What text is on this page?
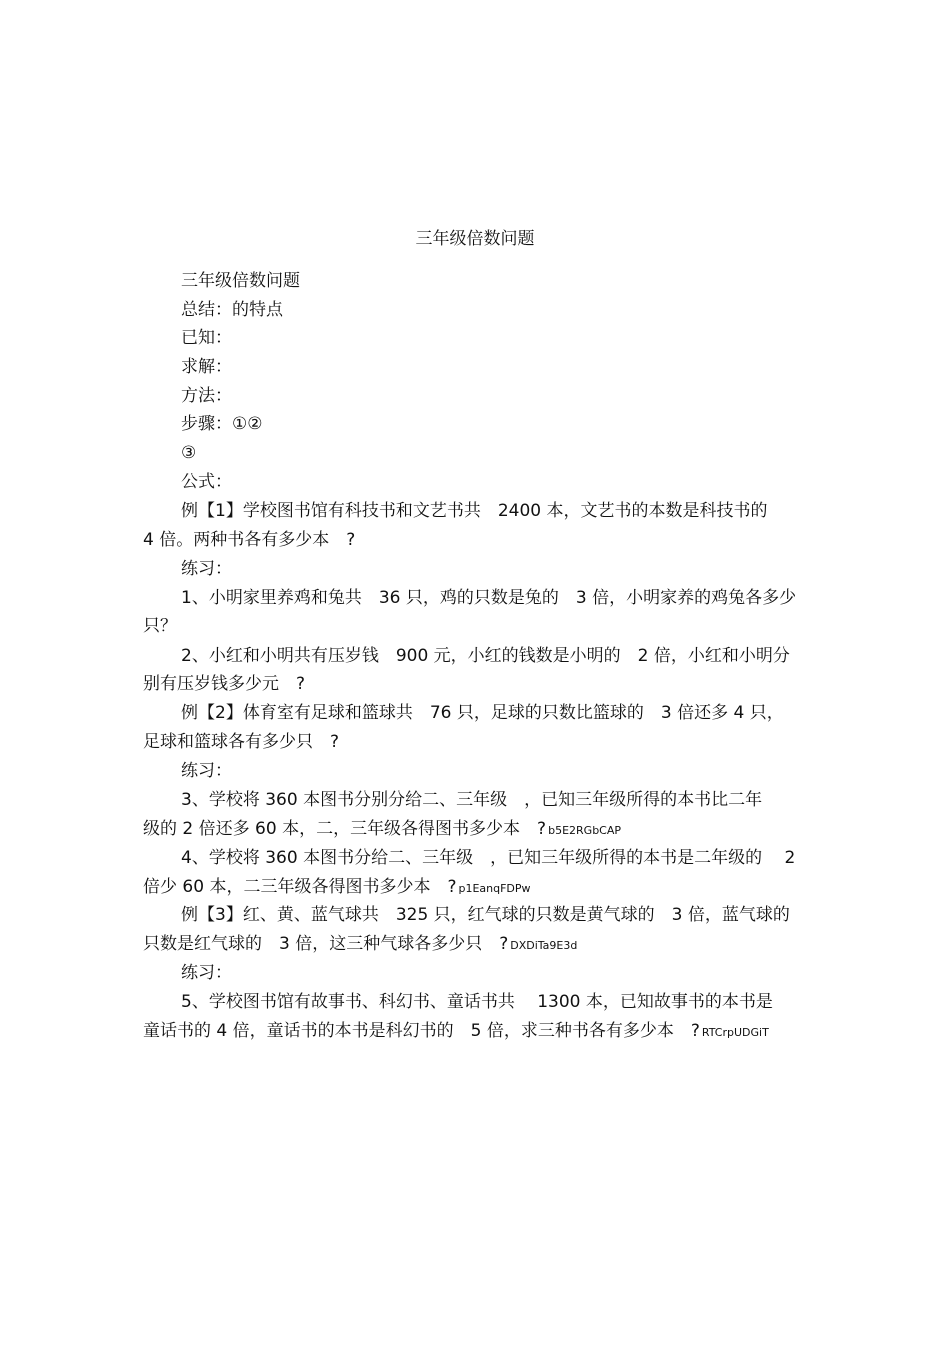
三年级倍数问题
三年级倍数问题
总结：的特点
已知：
求解：
方法：
步骤：①②
③
公式：
例【1】学校图书馆有科技书和文艺书共　2400 本，文艺书的本数是科技书的
4 倍。两种书各有多少本　?
练习：
1、小明家里养鸡和兔共　36 只，鸡的只数是兔的　3 倍，小明家养的鸡兔各多少
只？
2、小红和小明共有压岁钱　900 元，小红的钱数是小明的　2 倍，小红和小明分
别有压岁钱多少元　?
例【2】体育室有足球和篮球共　76 只，足球的只数比篮球的　3 倍还多 4 只，
足球和篮球各有多少只　?
练习：
3、学校将 360 本图书分别分给二、三年级　，已知三年级所得的本书比二年
级的 2 倍还多 60 本，二，三年级各得图书多少本　? b5E2RGbCAP
4、学校将 360 本图书分给二、三年级　，已知三年级所得的本书是二年级的　 2
倍少 60 本，二三年级各得图书多少本　? p1EanqFDPw
例【3】红、黄、蓝气球共　325 只，红气球的只数是黄气球的　3 倍，蓝气球的
只数是红气球的　3 倍，这三种气球各多少只　? DXDiTa9E3d
练习：
5、学校图书馆有故事书、科幻书、童话书共　 1300 本，已知故事书的本书是
童话书的 4 倍，童话书的本书是科幻书的　5 倍，求三种书各有多少本　? RTCrpUDGiT
